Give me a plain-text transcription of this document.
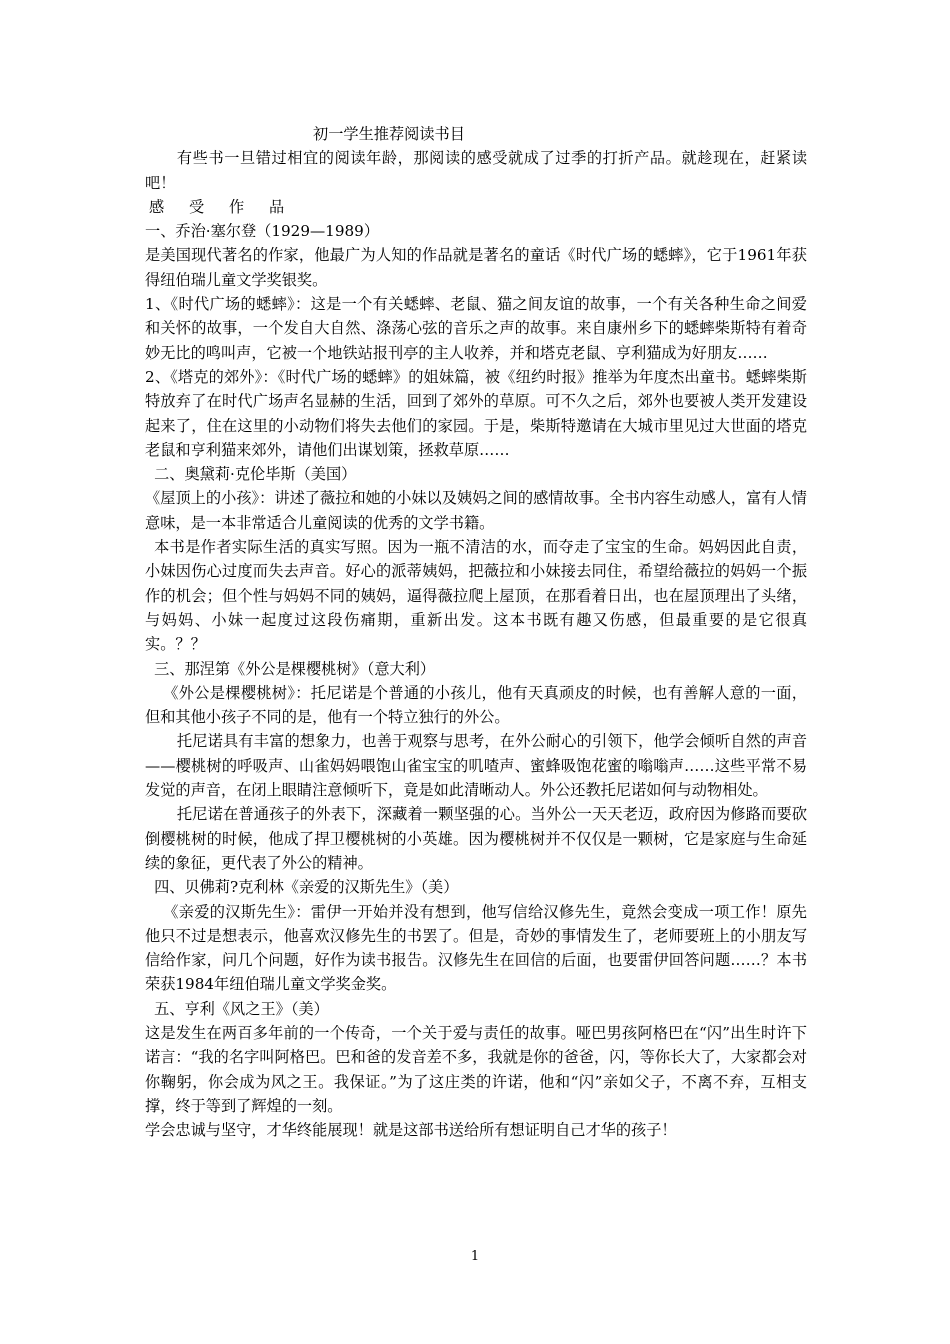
初一学生推荐阅读书目

有些书一旦错过相宜的阅读年龄，那阅读的感受就成了过季的打折产品。就趁现在，赶紧读吧！

感 受 作 品

一、乔治·塞尔登（1929—1989）

是美国现代著名的作家，他最广为人知的作品就是著名的童话《时代广场的蟋蟀》，它于1961年获得纽伯瑞儿童文学奖银奖。

1、《时代广场的蟋蟀》：这是一个有关蟋蟀、老鼠、猫之间友谊的故事，一个有关各种生命之间爱和关怀的故事，一个发自大自然、涤荡心弦的音乐之声的故事。来自康州乡下的蟋蟀柴斯特有着奇妙无比的鸣叫声，它被一个地铁站报刊亭的主人收养，并和塔克老鼠、亨利猫成为好朋友……

2、《塔克的郊外》：《时代广场的蟋蟀》的姐妹篇，被《纽约时报》推举为年度杰出童书。蟋蟀柴斯特放弃了在时代广场声名显赫的生活，回到了郊外的草原。可不久之后，郊外也要被人类开发建设起来了，住在这里的小动物们将失去他们的家园。于是，柴斯特邀请在大城市里见过大世面的塔克老鼠和亨利猫来郊外，请他们出谋划策，拯救草原……

二、奥黛莉·克伦毕斯（美国）

《屋顶上的小孩》：讲述了薇拉和她的小妹以及姨妈之间的感情故事。全书内容生动感人，富有人情意味，是一本非常适合儿童阅读的优秀的文学书籍。

本书是作者实际生活的真实写照。因为一瓶不清洁的水，而夺走了宝宝的生命。妈妈因此自责，小妹因伤心过度而失去声音。好心的派蒂姨妈，把薇拉和小妹接去同住，希望给薇拉的妈妈一个振作的机会；但个性与妈妈不同的姨妈，逼得薇拉爬上屋顶，在那看着日出，也在屋顶理出了头绪，与妈妈、小妹一起度过这段伤痛期，重新出发。这本书既有趣又伤感，但最重要的是它很真实。？？

三、那涅第《外公是棵樱桃树》（意大利）

《外公是棵樱桃树》：托尼诺是个普通的小孩儿，他有天真顽皮的时候，也有善解人意的一面，但和其他小孩子不同的是，他有一个特立独行的外公。

托尼诺具有丰富的想象力，也善于观察与思考，在外公耐心的引领下，他学会倾听自然的声音——樱桃树的呼吸声、山雀妈妈喂饱山雀宝宝的叽喳声、蜜蜂吸饱花蜜的嗡嗡声……这些平常不易发觉的声音，在闭上眼睛注意倾听下，竟是如此清晰动人。外公还教托尼诺如何与动物相处。

托尼诺在普通孩子的外表下，深藏着一颗坚强的心。当外公一天天老迈，政府因为修路而要砍倒樱桃树的时候，他成了捍卫樱桃树的小英雄。因为樱桃树并不仅仅是一颗树，它是家庭与生命延续的象征，更代表了外公的精神。

四、贝佛莉?克利林《亲爱的汉斯先生》（美）

《亲爱的汉斯先生》：雷伊一开始并没有想到，他写信给汉修先生，竟然会变成一项工作！原先他只不过是想表示，他喜欢汉修先生的书罢了。但是，奇妙的事情发生了，老师要班上的小朋友写信给作家，问几个问题，好作为读书报告。汉修先生在回信的后面，也要雷伊回答问题……？本书荣获1984年纽伯瑞儿童文学奖金奖。

五、亨利《风之王》（美）

这是发生在两百多年前的一个传奇，一个关于爱与责任的故事。哑巴男孩阿格巴在“闪”出生时许下诺言：“我的名字叫阿格巴。巴和爸的发音差不多，我就是你的爸爸，闪，等你长大了，大家都会对你鞠躬，你会成为风之王。我保证。”为了这庄类的许诺，他和“闪”亲如父子，不离不弃，互相支撑，终于等到了辉煌的一刻。

学会忠诚与坚守，才华终能展现！就是这部书送给所有想证明自己才华的孩子！

1
